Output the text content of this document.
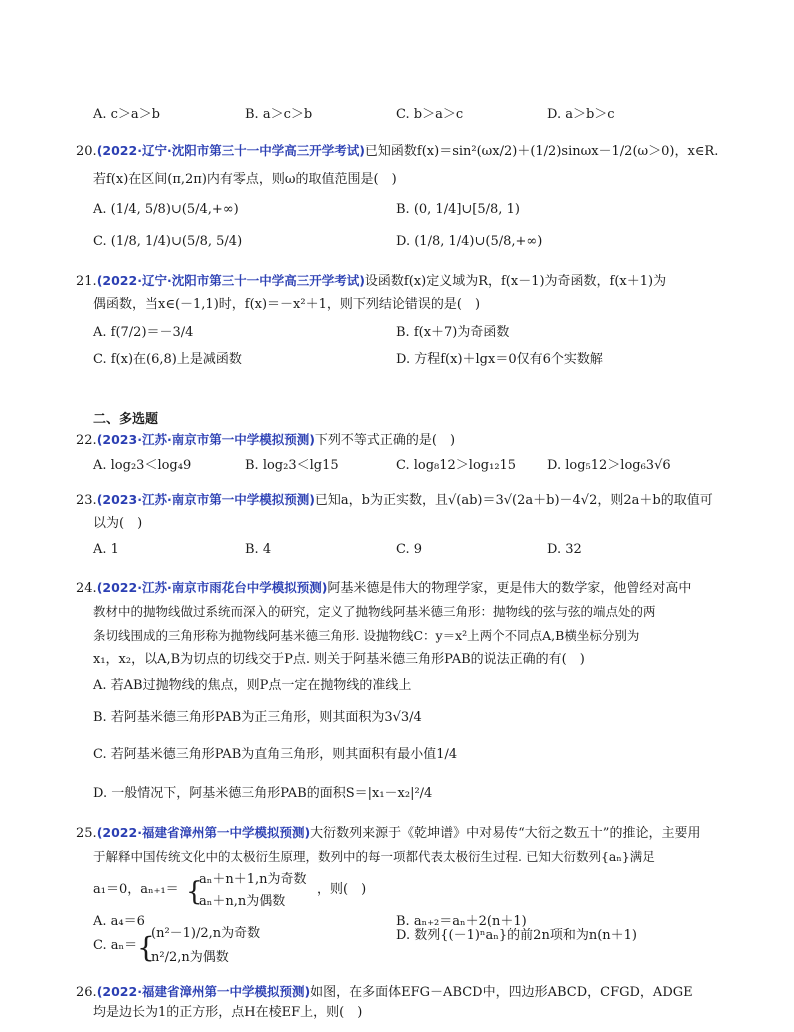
A. c＞a＞b	B. a＞c＞b	C. b＞a＞c	D. a＞b＞c
20.(2022·辽宁·沈阳市第三十一中学高三开学考试)已知函数f(x)＝sin²(ωx/2)＋(1/2)sinωx－1/2(ω＞0)，x∈R.
若f(x)在区间(π,2π)内有零点，则ω的取值范围是(　)
A. (1/4, 5/8)∪(5/4,+∞)	B. (0, 1/4]∪[5/8, 1)
C. (1/8, 1/4)∪(5/8, 5/4)	D. (1/8, 1/4)∪(5/8,+∞)
21.(2022·辽宁·沈阳市第三十一中学高三开学考试)设函数f(x)定义域为R，f(x－1)为奇函数，f(x＋1)为
偶函数，当x∈(－1,1)时，f(x)＝－x²＋1，则下列结论错误的是(　)
A. f(7/2)＝－3/4	B. f(x＋7)为奇函数
C. f(x)在(6,8)上是减函数	D. 方程f(x)＋lgx＝0仅有6个实数解
二、多选题
22.(2023·江苏·南京市第一中学模拟预测)下列不等式正确的是(　)
A. log₂3＜log₄9	B. log₂3＜lg15	C. log₈12＞log₁₂15 D. log₅12＞log₆3√6
23.(2023·江苏·南京市第一中学模拟预测)已知a，b为正实数，且√(ab)＝3√(2a＋b)－4√2，则2a＋b的取值可
以为(　)
A. 1	B. 4	C. 9	D. 32
24.(2022·江苏·南京市雨花台中学模拟预测)阿基米德是伟大的物理学家，更是伟大的数学家，他曾经对高中
教材中的抛物线做过系统而深入的研究，定义了抛物线阿基米德三角形：抛物线的弦与弦的端点处的两
条切线围成的三角形称为抛物线阿基米德三角形. 设抛物线C：y＝x²上两个不同点A,B横坐标分别为
x₁，x₂，以A,B为切点的切线交于P点. 则关于阿基米德三角形PAB的说法正确的有(　)
A. 若AB过抛物线的焦点，则P点一定在抛物线的准线上
B. 若阿基米德三角形PAB为正三角形，则其面积为3√3/4
C. 若阿基米德三角形PAB为直角三角形，则其面积有最小值1/4
D. 一般情况下，阿基米德三角形PAB的面积S＝|x₁－x₂|²/4
25.(2022·福建省漳州第一中学模拟预测)大衍数列来源于《乾坤谱》中对易传“大衍之数五十”的推论，主要用
于解释中国传统文化中的太极衍生原理，数列中的每一项都代表太极衍生过程. 已知大衍数列{aₙ}满足
a₁＝0，aₙ₊₁＝ {
aₙ＋n＋1,n为奇数
aₙ＋n,n为偶数
，则(　)
A. a₄＝6	B. aₙ₊₂＝aₙ＋2(n＋1)
C. aₙ＝ {
(n²－1)/2,n为奇数
n²/2,n为偶数
D. 数列{(－1)ⁿaₙ}的前2n项和为n(n＋1)
26.(2022·福建省漳州第一中学模拟预测)如图，在多面体EFG－ABCD中，四边形ABCD，CFGD，ADGE
均是边长为1的正方形，点H在棱EF上，则(　)
